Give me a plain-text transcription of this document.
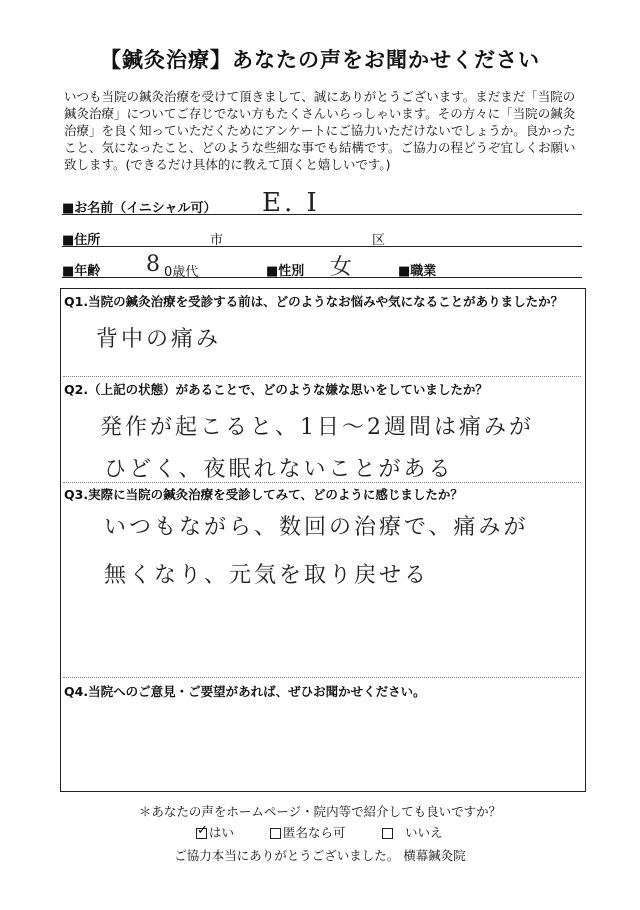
【鍼灸治療】あなたの声をお聞かせください
いつも当院の鍼灸治療を受けて頂きまして、誠にありがとうございます。まだまだ「当院の鍼灸治療」についてご存じでない方もたくさんいらっしゃいます。その方々に「当院の鍼灸治療」を良く知っていただくためにアンケートにご協力いただけないでしょうか。良かったこと、気になったこと、どのような些細な事でも結構です。ご協力の程どうぞ宜しくお願い致します。(できるだけ具体的に教えて頂くと嬉しいです。)
■お名前（イニシャル可） E. I
■住所	市	区
■年齢 8 0歳代	■性別 女	■職業
Q1.当院の鍼灸治療を受診する前は、どのようなお悩みや気になることがありましたか？
背中の痛み
Q2.（上記の状態）があることで、どのような嫌な思いをしていましたか？
発作が起こると、1日～2週間は痛みが
ひどく、夜眠れないことがある
Q3.実際に当院の鍼灸治療を受診してみて、どのように感じましたか？
いつもながら、数回の治療で、痛みが
無くなり、元気を取り戻せる
Q4.当院へのご意見・ご要望があれば、ぜひお聞かせください。
＊あなたの声をホームページ・院内等で紹介しても良いですか？
✓ はい	匿名なら可	いいえ
ご協力本当にありがとうございました。 横幕鍼灸院
